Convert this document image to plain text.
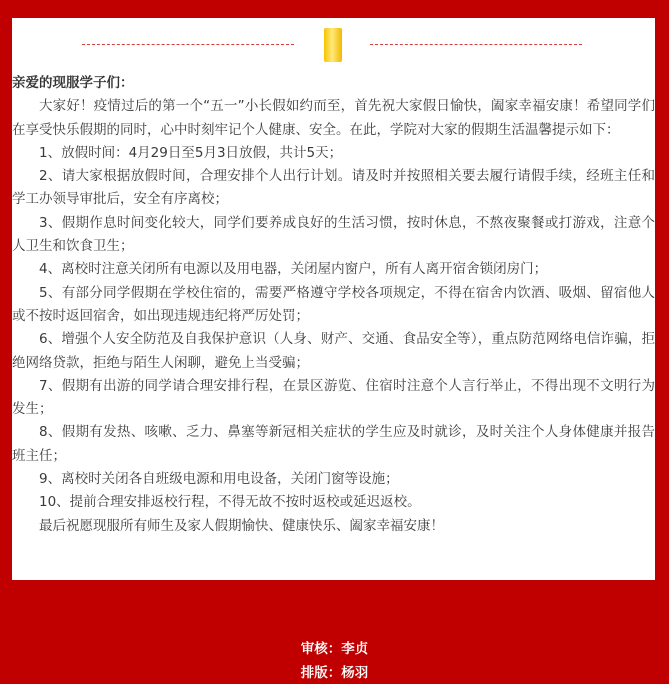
亲爱的现服学子们：
大家好！疫情过后的第一个“五一”小长假如约而至，首先祝大家假日愉快，阖家幸福安康！希望同学们在享受快乐假期的同时，心中时刻牢记个人健康、安全。在此，学院对大家的假期生活温馨提示如下：
1、放假时间：4月29日至5月3日放假，共计5天；
2、请大家根据放假时间，合理安排个人出行计划。请及时并按照相关要去履行请假手续，经班主任和学工办领导审批后，安全有序离校；
3、假期作息时间变化较大，同学们要养成良好的生活习惯，按时休息，不熬夜聚餐或打游戏，注意个人卫生和饮食卫生；
4、离校时注意关闭所有电源以及用电器，关闭屋内窗户，所有人离开宿舍锁闭房门；
5、有部分同学假期在学校住宿的，需要严格遵守学校各项规定，不得在宿舍内饮酒、吸烟、留宿他人或不按时返回宿舍，如出现违规违纪将严厉处罚；
6、增强个人安全防范及自我保护意识（人身、财产、交通、食品安全等），重点防范网络电信诈骗，拒绝网络贷款，拒绝与陌生人闲聊，避免上当受骗；
7、假期有出游的同学请合理安排行程，在景区游览、住宿时注意个人言行举止，不得出现不文明行为发生；
8、假期有发热、咳嗽、乏力、鼻塞等新冠相关症状的学生应及时就诊，及时关注个人身体健康并报告班主任；
9、离校时关闭各自班级电源和用电设备，关闭门窗等设施；
10、提前合理安排返校行程，不得无故不按时返校或延迟返校。
最后祝愿现服所有师生及家人假期愉快、健康快乐、阖家幸福安康！
审核：李贞
排版：杨羽
